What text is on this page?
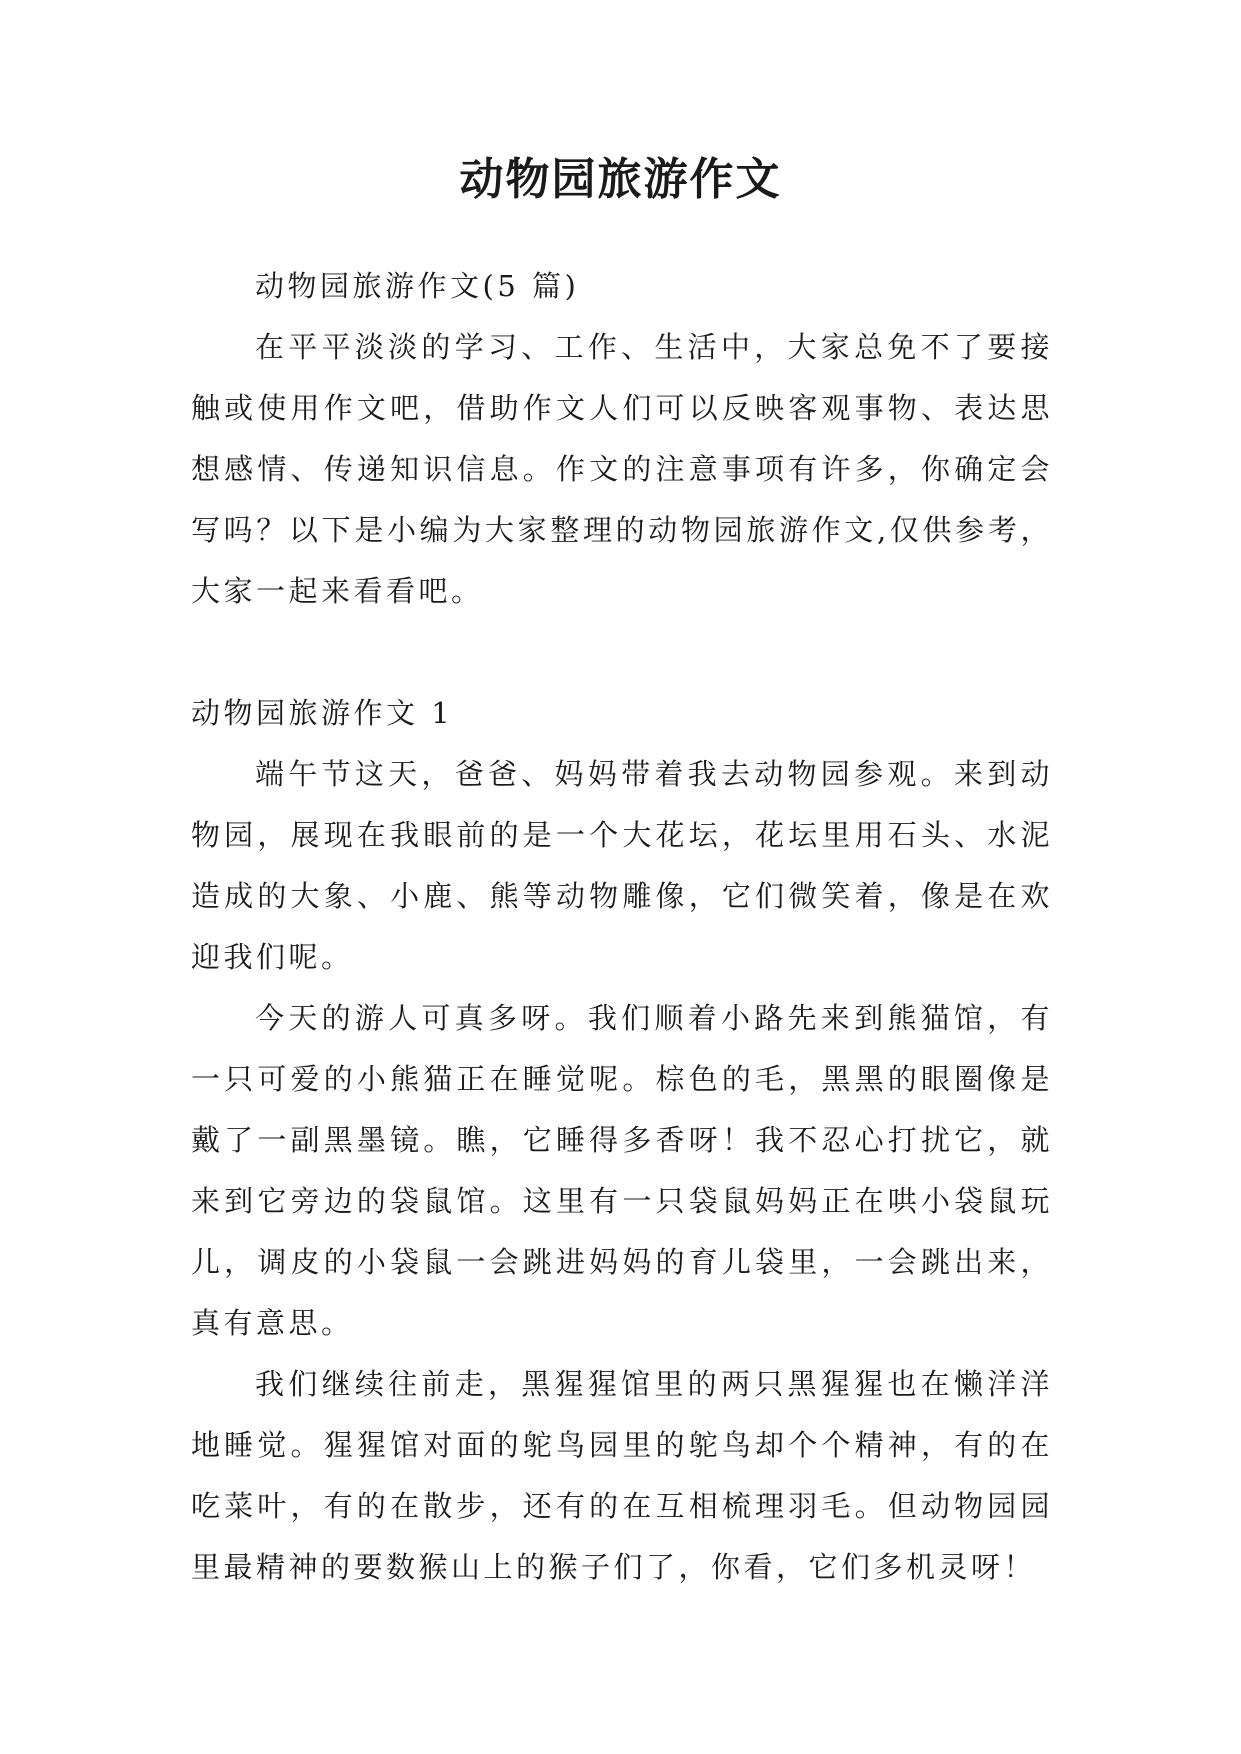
动物园旅游作文

动物园旅游作文(5 篇)

在平平淡淡的学习、工作、生活中，大家总免不了要接触或使用作文吧，借助作文人们可以反映客观事物、表达思想感情、传递知识信息。作文的注意事项有许多，你确定会写吗？以下是小编为大家整理的动物园旅游作文,仅供参考，大家一起来看看吧。

动物园旅游作文 1

端午节这天，爸爸、妈妈带着我去动物园参观。来到动物园，展现在我眼前的是一个大花坛，花坛里用石头、水泥造成的大象、小鹿、熊等动物雕像，它们微笑着，像是在欢迎我们呢。

今天的游人可真多呀。我们顺着小路先来到熊猫馆，有一只可爱的小熊猫正在睡觉呢。棕色的毛，黑黑的眼圈像是戴了一副黑墨镜。瞧，它睡得多香呀！我不忍心打扰它，就来到它旁边的袋鼠馆。这里有一只袋鼠妈妈正在哄小袋鼠玩儿，调皮的小袋鼠一会跳进妈妈的育儿袋里，一会跳出来，真有意思。

我们继续往前走，黑猩猩馆里的两只黑猩猩也在懒洋洋地睡觉。猩猩馆对面的鸵鸟园里的鸵鸟却个个精神，有的在吃菜叶，有的在散步，还有的在互相梳理羽毛。但动物园园里最精神的要数猴山上的猴子们了，你看，它们多机灵呀！
